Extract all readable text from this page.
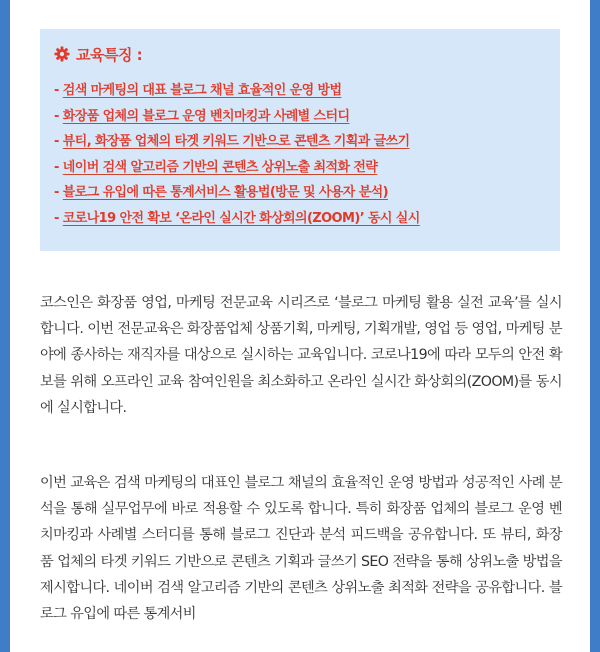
교육특징 :
- 검색 마케팅의 대표 블로그 채널 효율적인 운영 방법
- 화장품 업체의 블로그 운영 벤치마킹과 사례별 스터디
- 뷰티, 화장품 업체의 타겟 키워드 기반으로 콘텐츠 기획과 글쓰기
- 네이버 검색 알고리즘 기반의 콘텐츠 상위노출 최적화 전략
- 블로그 유입에 따른 통계서비스 활용법(방문 및 사용자 분석)
- 코로나19 안전 확보 ‘온라인 실시간 화상회의(ZOOM)’ 동시 실시

코스인은 화장품 영업, 마케팅 전문교육 시리즈로 ‘블로그 마케팅 활용 실전 교육’를 실시합니다. 이번 전문교육은 화장품업체 상품기획, 마케팅, 기획개발, 영업 등 영업, 마케팅 분야에 종사하는 재직자를 대상으로 실시하는 교육입니다. 코로나19에 따라 모두의 안전 확보를 위해 오프라인 교육 참여인원을 최소화하고 온라인 실시간 화상회의(ZOOM)를 동시에 실시합니다.

이번 교육은 검색 마케팅의 대표인 블로그 채널의 효율적인 운영 방법과 성공적인 사례 분석을 통해 실무업무에 바로 적용할 수 있도록 합니다. 특히 화장품 업체의 블로그 운영 벤치마킹과 사례별 스터디를 통해 블로그 진단과 분석 피드백을 공유합니다. 또 뷰티, 화장품 업체의 타겟 키워드 기반으로 콘텐츠 기획과 글쓰기 SEO 전략을 통해 상위노출 방법을 제시합니다. 네이버 검색 알고리즘 기반의 콘텐츠 상위노출 최적화 전략을 공유합니다. 블로그 유입에 따른 통계서비
